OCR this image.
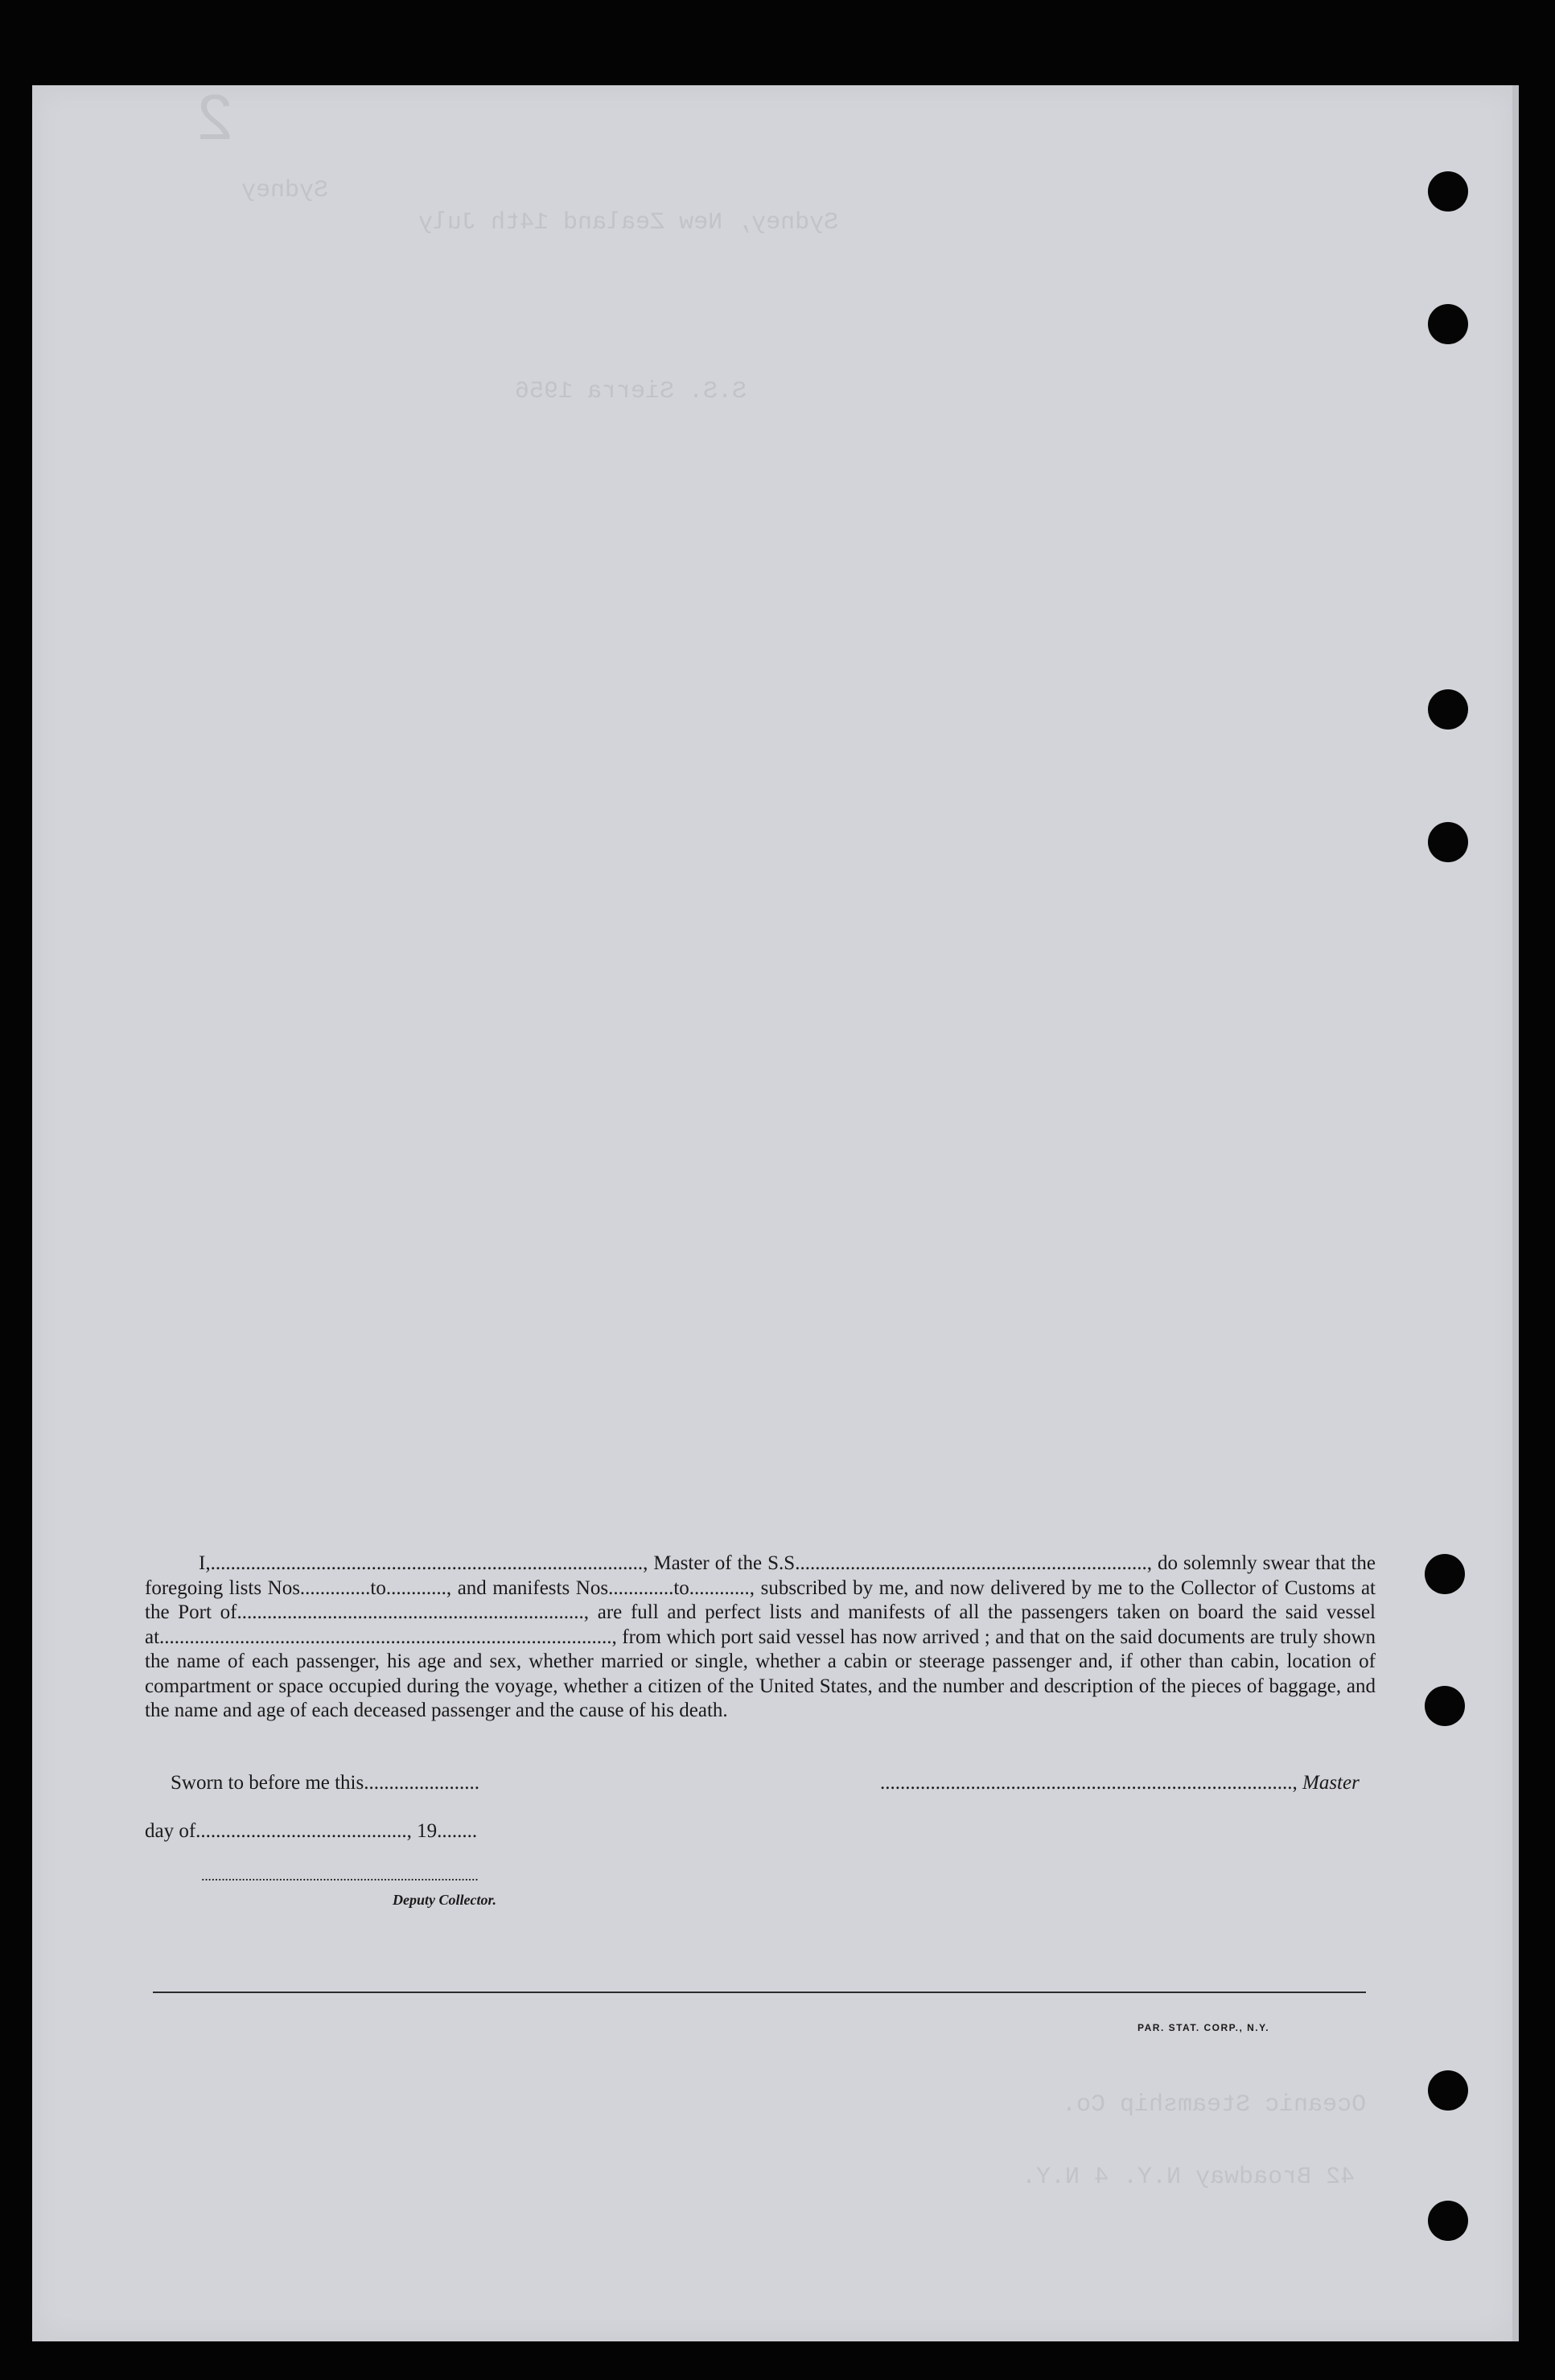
2
Sydney
Sydney, New Zealand 14th July
S.S. Sierra 1956
Oceanic Steamship Co.
42 Broadway N.Y. 4 N.Y.

I,......................................................................................, Master of the S.S......................................................................, do solemnly swear that the foregoing lists Nos..............to............, and manifests Nos.............to............, subscribed by me, and now delivered by me to the Collector of Customs at the Port of....................................................................., are full and perfect lists and manifests of all the passengers taken on board the said vessel at.........................................................................................., from which port said vessel has now arrived ; and that on the said documents are truly shown the name of each passenger, his age and sex, whether married or single, whether a cabin or steerage passenger and, if other than cabin, location of compartment or space occupied during the voyage, whether a citizen of the United States, and the number and description of the pieces of baggage, and the name and age of each deceased passenger and the cause of his death.

Sworn to before me this.......................	.................................................................................., Master
day of.........................................., 19........
..................................................................................
Deputy Collector.
PAR. STAT. CORP., N.Y.
